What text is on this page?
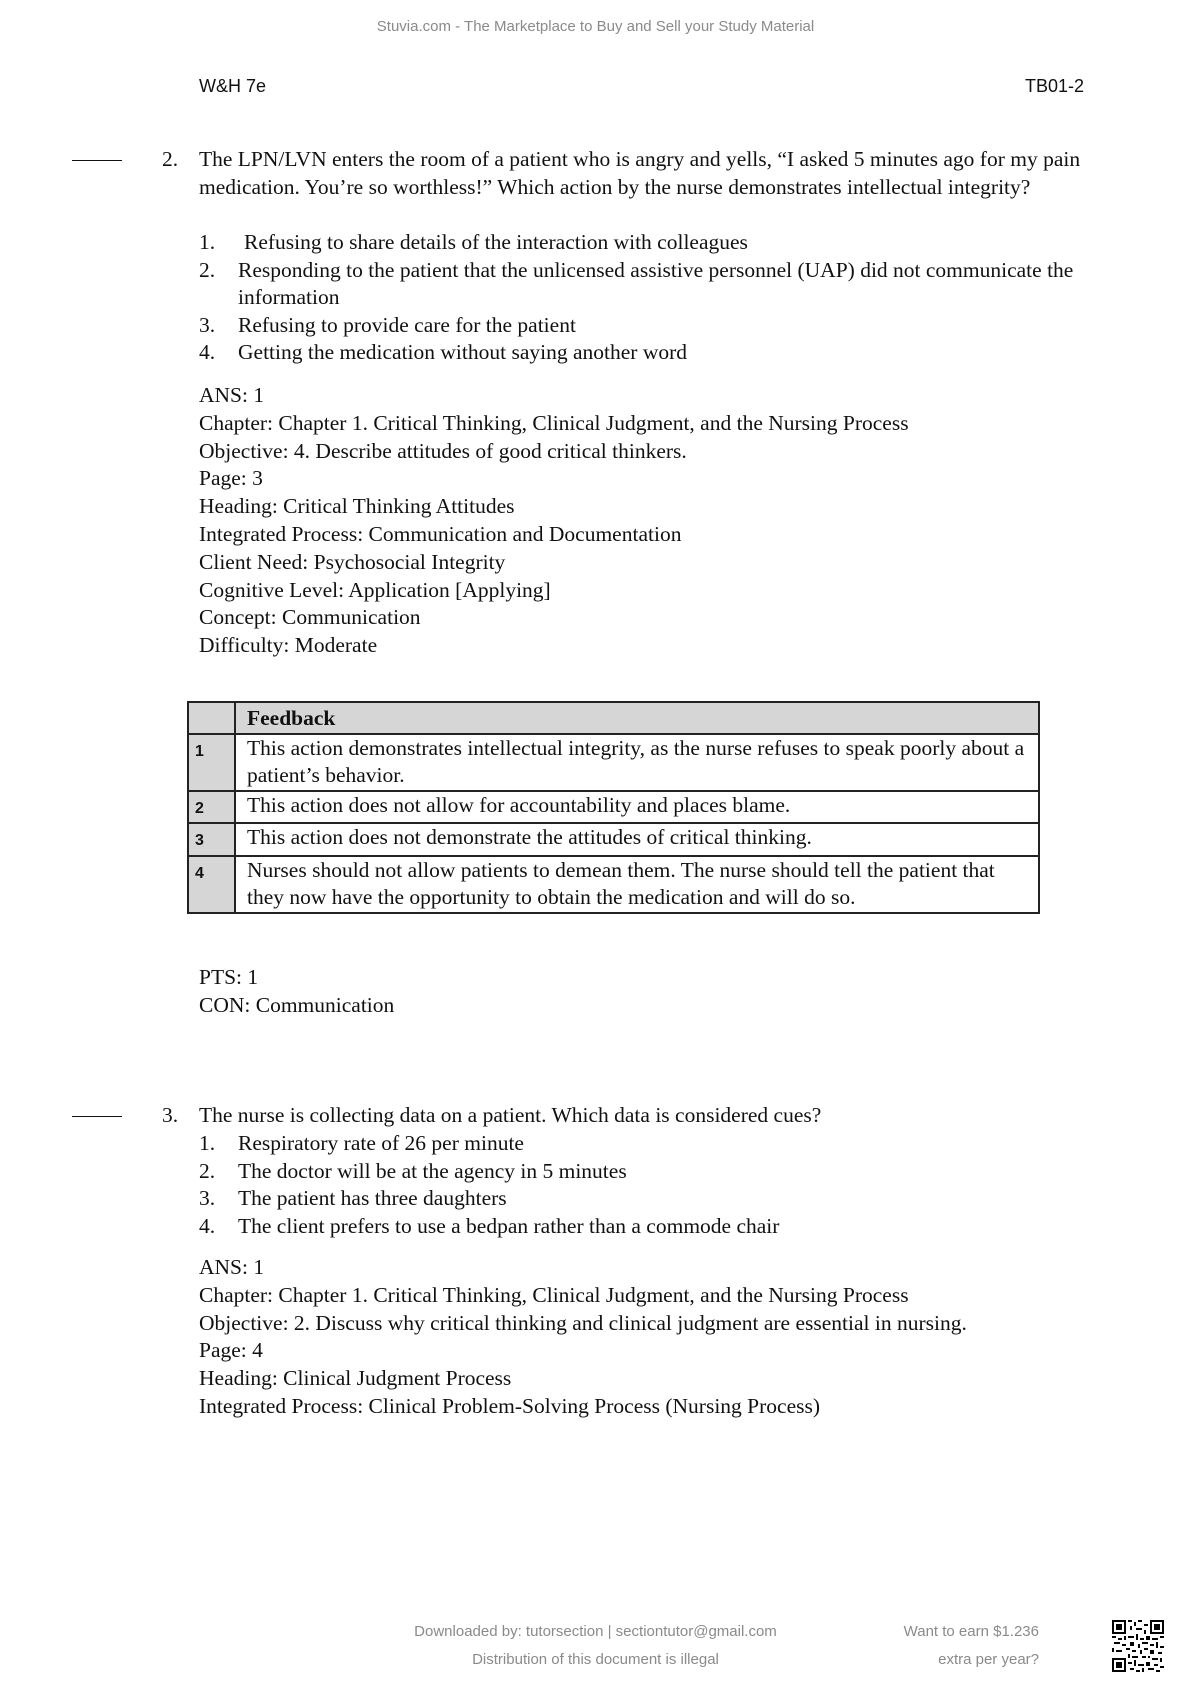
Stuvia.com - The Marketplace to Buy and Sell your Study Material
W&H 7e	TB01-2
2. The LPN/LVN enters the room of a patient who is angry and yells, “I asked 5 minutes ago for my pain medication. You’re so worthless!” Which action by the nurse demonstrates intellectual integrity?
1. Refusing to share details of the interaction with colleagues
2. Responding to the patient that the unlicensed assistive personnel (UAP) did not communicate the information
3. Refusing to provide care for the patient
4. Getting the medication without saying another word
ANS: 1
Chapter: Chapter 1. Critical Thinking, Clinical Judgment, and the Nursing Process
Objective: 4. Describe attitudes of good critical thinkers.
Page: 3
Heading: Critical Thinking Attitudes
Integrated Process: Communication and Documentation
Client Need: Psychosocial Integrity
Cognitive Level: Application [Applying]
Concept: Communication
Difficulty: Moderate
	Feedback
1	This action demonstrates intellectual integrity, as the nurse refuses to speak poorly about a patient’s behavior.
2	This action does not allow for accountability and places blame.
3	This action does not demonstrate the attitudes of critical thinking.
4	Nurses should not allow patients to demean them. The nurse should tell the patient that they now have the opportunity to obtain the medication and will do so.
PTS: 1
CON: Communication
3. The nurse is collecting data on a patient. Which data is considered cues?
1. Respiratory rate of 26 per minute
2. The doctor will be at the agency in 5 minutes
3. The patient has three daughters
4. The client prefers to use a bedpan rather than a commode chair
ANS: 1
Chapter: Chapter 1. Critical Thinking, Clinical Judgment, and the Nursing Process
Objective: 2. Discuss why critical thinking and clinical judgment are essential in nursing.
Page: 4
Heading: Clinical Judgment Process
Integrated Process: Clinical Problem-Solving Process (Nursing Process)
Downloaded by: tutorsection | sectiontutor@gmail.com
Distribution of this document is illegal
Want to earn $1.236
extra per year?
